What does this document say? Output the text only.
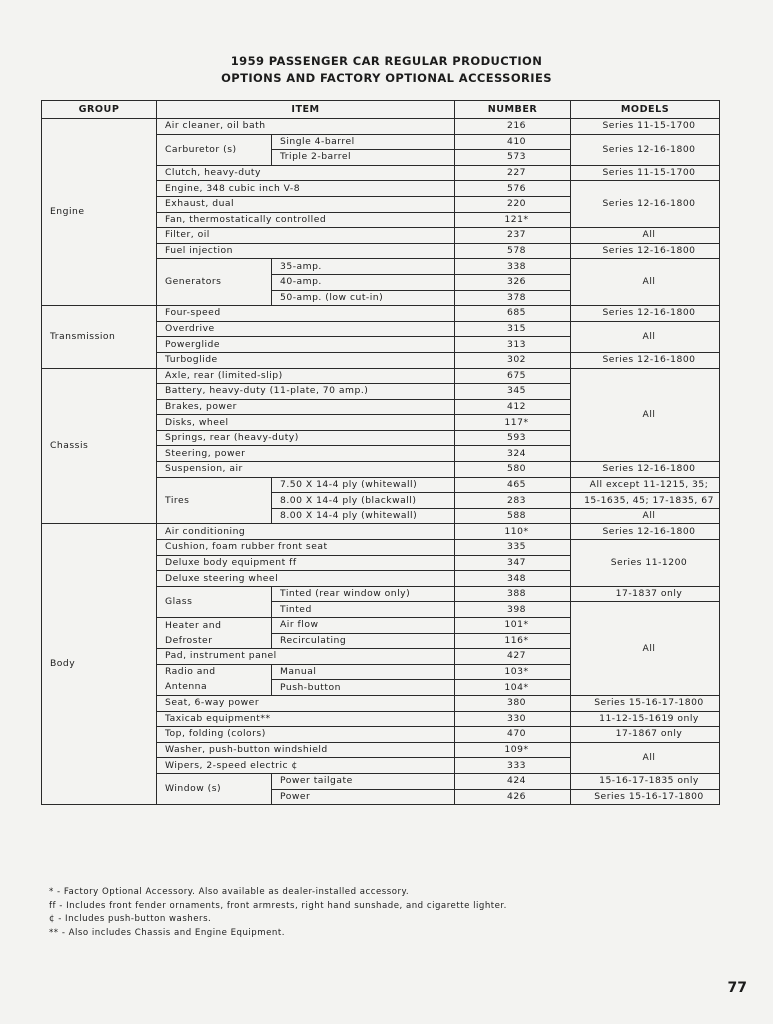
1959 PASSENGER CAR REGULAR PRODUCTION
OPTIONS AND FACTORY OPTIONAL ACCESSORIES
GROUP	ITEM		NUMBER	MODELS
Engine	Air cleaner, oil bath		216	Series 11-15-1700
	Carburetor (s)	Single 4-barrel	410	Series 12-16-1800
		Triple 2-barrel	573	
	Clutch, heavy-duty		227	Series 11-15-1700
	Engine, 348 cubic inch V-8		576	Series 12-16-1800
	Exhaust, dual		220	
	Fan, thermostatically controlled		121*	
	Filter, oil		237	All
	Fuel injection		578	Series 12-16-1800
	Generators	35-amp.	338	All
		40-amp.	326	
		50-amp. (low cut-in)	378	
Transmission	Four-speed		685	Series 12-16-1800
	Overdrive		315	All
	Powerglide		313	
	Turboglide		302	Series 12-16-1800
Chassis	Axle, rear (limited-slip)		675	All
	Battery, heavy-duty (11-plate, 70 amp.)		345	
	Brakes, power		412	
	Disks, wheel		117*	
	Springs, rear (heavy-duty)		593	
	Steering, power		324	
	Suspension, air		580	Series 12-16-1800
	Tires	7.50 X 14-4 ply (whitewall)	465	All except 11-1215, 35;
		8.00 X 14-4 ply (blackwall)	283	15-1635, 45; 17-1835, 67
		8.00 X 14-4 ply (whitewall)	588	All
Body	Air conditioning		110*	Series 12-16-1800
	Cushion, foam rubber front seat		335	Series 11-1200
	Deluxe body equipment ff		347	
	Deluxe steering wheel		348	
	Glass	Tinted (rear window only)	388	17-1837 only
		Tinted	398	All
	Heater and	Air flow	101*	
	Defroster	Recirculating	116*	
	Pad, instrument panel		427	
	Radio and	Manual	103*	
	Antenna	Push-button	104*	
	Seat, 6-way power		380	Series 15-16-17-1800
	Taxicab equipment**		330	11-12-15-1619 only
	Top, folding (colors)		470	17-1867 only
	Washer, push-button windshield		109*	All
	Wipers, 2-speed electric ¢		333	
	Window (s)	Power tailgate	424	15-16-17-1835 only
		Power	426	Series 15-16-17-1800
* - Factory Optional Accessory. Also available as dealer-installed accessory.
ff - Includes front fender ornaments, front armrests, right hand sunshade, and cigarette lighter.
¢ - Includes push-button washers.
** - Also includes Chassis and Engine Equipment.
77
